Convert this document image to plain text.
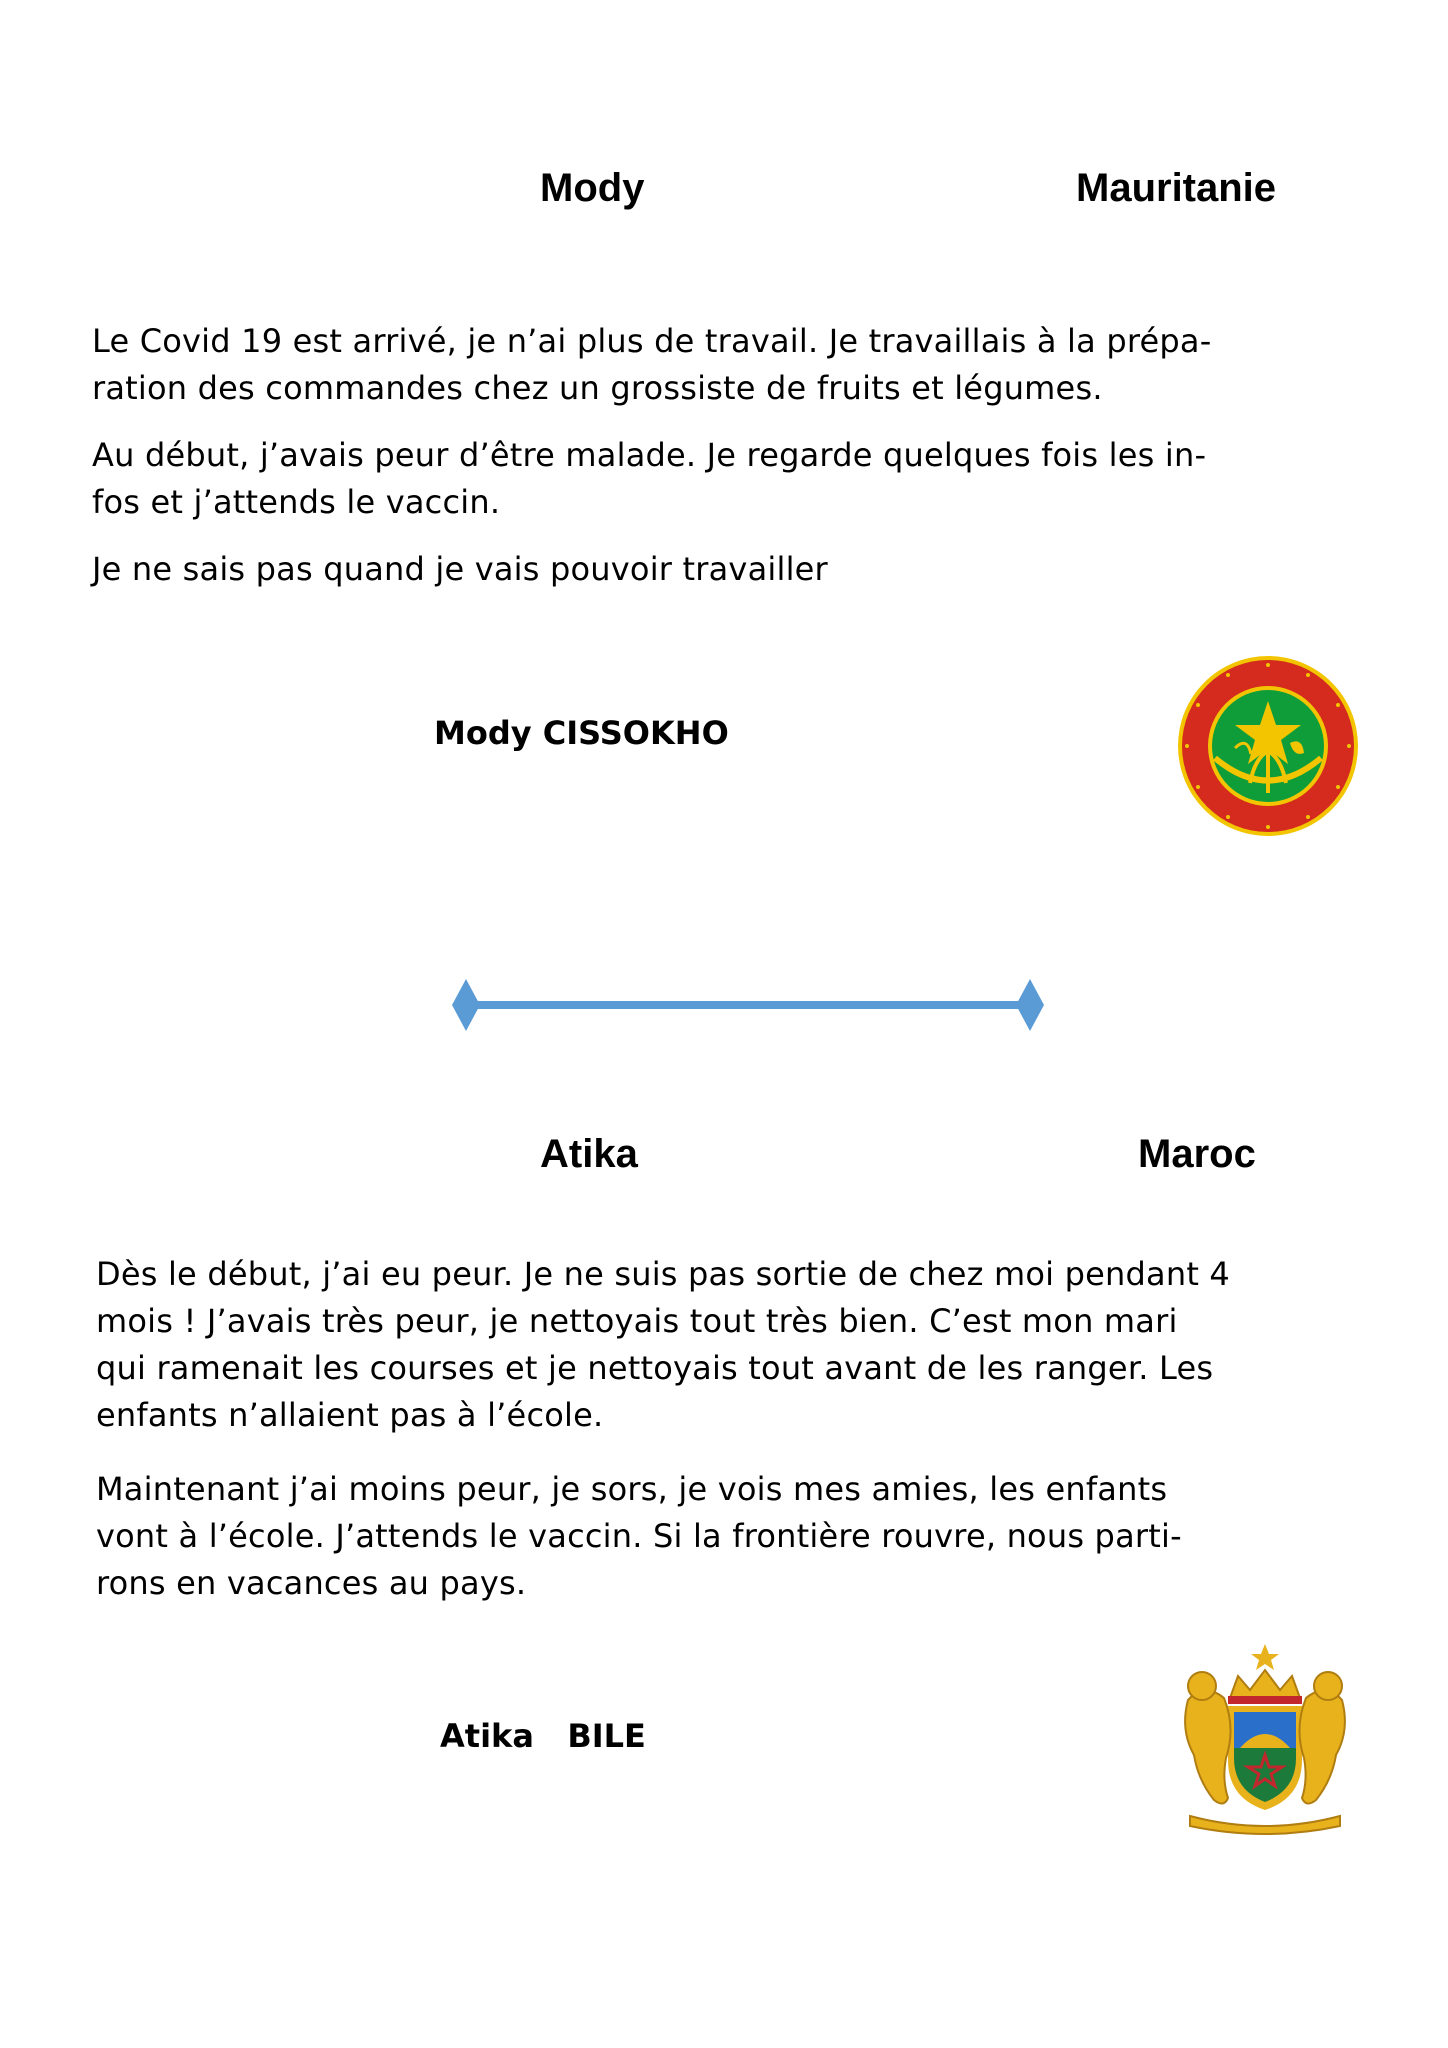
Mody	Mauritanie

Le Covid 19 est arrivé, je n’ai plus de travail. Je travaillais à la prépa-
ration des commandes chez un grossiste de fruits et légumes.

Au début, j’avais peur d’être malade. Je regarde quelques fois les in-
fos et j’attends le vaccin.

Je ne sais pas quand je vais pouvoir travailler

Mody CISSOKHO

Atika	Maroc

Dès le début, j’ai eu peur. Je ne suis pas sortie de chez moi pendant 4
mois ! J’avais très peur, je nettoyais tout très bien. C’est mon mari
qui ramenait les courses et je nettoyais tout avant de les ranger. Les
enfants n’allaient pas à l’école.

Maintenant j’ai moins peur, je sors, je vois mes amies, les enfants
vont à l’école. J’attends le vaccin. Si la frontière rouvre, nous parti-
rons en vacances au pays.

Atika   BILE
